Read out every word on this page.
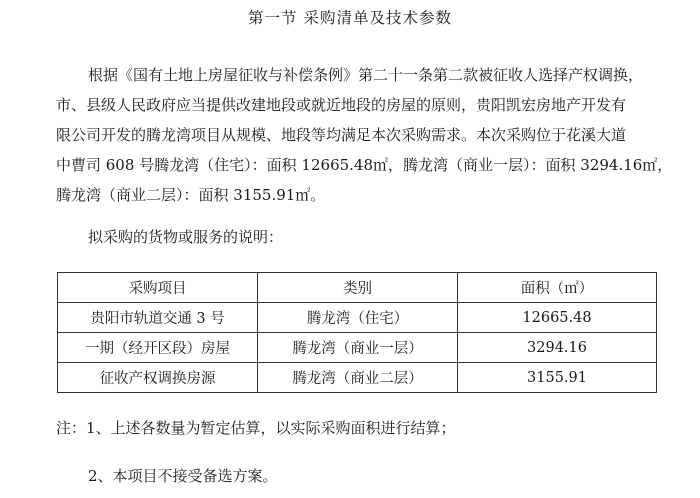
第一节 采购清单及技术参数
根据《国有土地上房屋征收与补偿条例》第二十一条第二款被征收人选择产权调换，
市、县级人民政府应当提供改建地段或就近地段的房屋的原则，贵阳凯宏房地产开发有
限公司开发的腾龙湾项目从规模、地段等均满足本次采购需求。本次采购位于花溪大道
中曹司 608 号腾龙湾（住宅）：面积 12665.48㎡，腾龙湾（商业一层）：面积 3294.16㎡，
腾龙湾（商业二层）：面积 3155.91㎡。
拟采购的货物或服务的说明：
采购项目	类别	面积（㎡）
贵阳市轨道交通 3 号	腾龙湾（住宅）	12665.48
一期（经开区段）房屋	腾龙湾（商业一层）	3294.16
征收产权调换房源	腾龙湾（商业二层）	3155.91
注：1、上述各数量为暂定估算，以实际采购面积进行结算；
2、本项目不接受备选方案。
